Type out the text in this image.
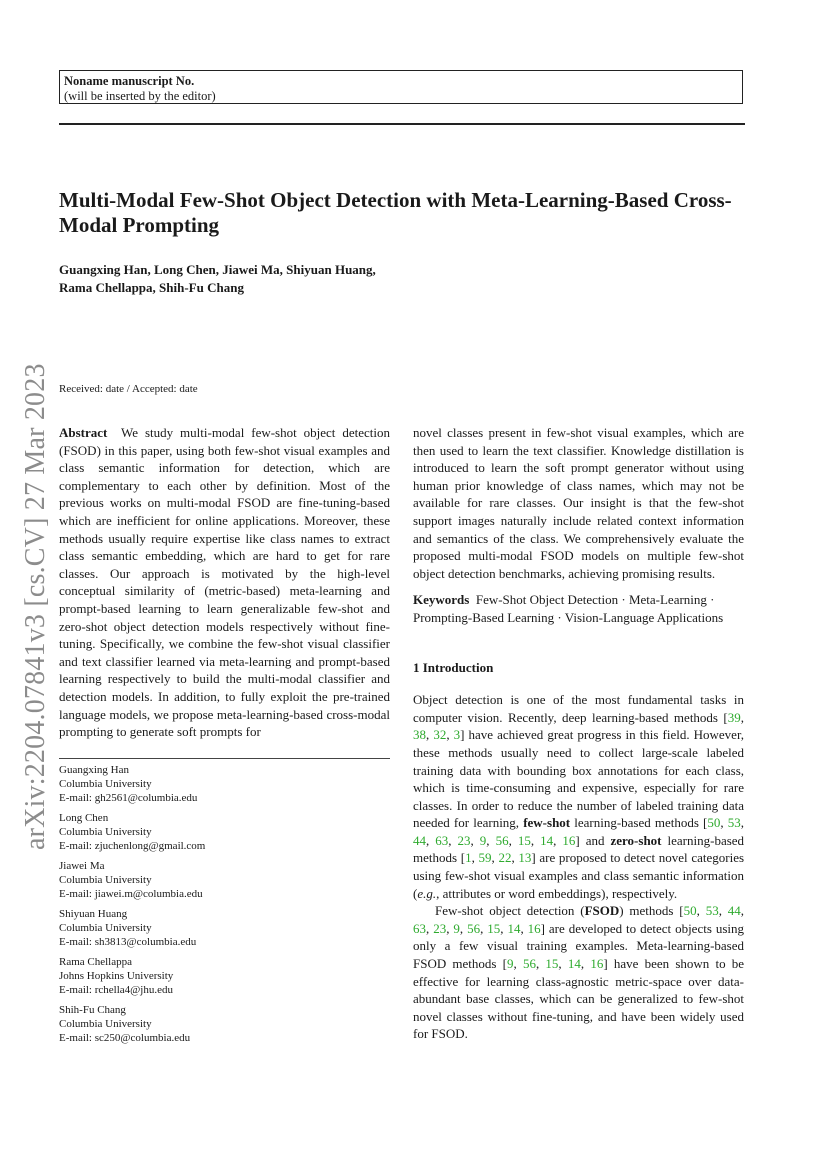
Noname manuscript No.
(will be inserted by the editor)
Multi-Modal Few-Shot Object Detection with Meta-Learning-Based Cross-Modal Prompting
Guangxing Han, Long Chen, Jiawei Ma, Shiyuan Huang,
Rama Chellappa, Shih-Fu Chang
Received: date / Accepted: date
arXiv:2204.07841v3 [cs.CV] 27 Mar 2023 Abstract We study multi-modal few-shot object detection (FSOD) in this paper, using both few-shot visual examples and class semantic information for detection, which are complementary to each other by definition. Most of the previous works on multi-modal FSOD are fine-tuning-based which are inefficient for online applications. Moreover, these methods usually require expertise like class names to extract class semantic embedding, which are hard to get for rare classes. Our approach is motivated by the high-level conceptual similarity of (metric-based) meta-learning and prompt-based learning to learn generalizable few-shot and zero-shot object detection models respectively without fine-tuning. Specifically, we combine the few-shot visual classifier and text classifier learned via meta-learning and prompt-based learning respectively to build the multi-modal classifier and detection models. In addition, to fully exploit the pre-trained language models, we propose meta-learning-based cross-modal prompting to generate soft prompts for

Guangxing Han
Columbia University
E-mail: gh2561@columbia.edu
Long Chen
Columbia University
E-mail: zjuchenlong@gmail.com
Jiawei Ma
Columbia University
E-mail: jiawei.m@columbia.edu
Shiyuan Huang
Columbia University
E-mail: sh3813@columbia.edu
Rama Chellappa
Johns Hopkins University
E-mail: rchella4@jhu.edu
Shih-Fu Chang
Columbia University
E-mail: sc250@columbia.edu

novel classes present in few-shot visual examples, which are then used to learn the text classifier. Knowledge distillation is introduced to learn the soft prompt generator without using human prior knowledge of class names, which may not be available for rare classes. Our insight is that the few-shot support images naturally include related context information and semantics of the class. We comprehensively evaluate the proposed multi-modal FSOD models on multiple few-shot object detection benchmarks, achieving promising results.

Keywords Few-Shot Object Detection · Meta-Learning · Prompting-Based Learning · Vision-Language Applications

1 Introduction

Object detection is one of the most fundamental tasks in computer vision. Recently, deep learning-based methods [39, 38, 32, 3] have achieved great progress in this field. However, these methods usually need to collect large-scale labeled training data with bounding box annotations for each class, which is time-consuming and expensive, especially for rare classes. In order to reduce the number of labeled training data needed for learning, few-shot learning-based methods [50, 53, 44, 63, 23, 9, 56, 15, 14, 16] and zero-shot learning-based methods [1, 59, 22, 13] are proposed to detect novel categories using few-shot visual examples and class semantic information (e.g., attributes or word embeddings), respectively.

Few-shot object detection (FSOD) methods [50, 53, 44, 63, 23, 9, 56, 15, 14, 16] are developed to detect objects using only a few visual training examples. Meta-learning-based FSOD methods [9, 56, 15, 14, 16] have been shown to be effective for learning class-agnostic metric-space over data-abundant base classes, which can be generalized to few-shot novel classes without fine-tuning, and have been widely used for FSOD.
